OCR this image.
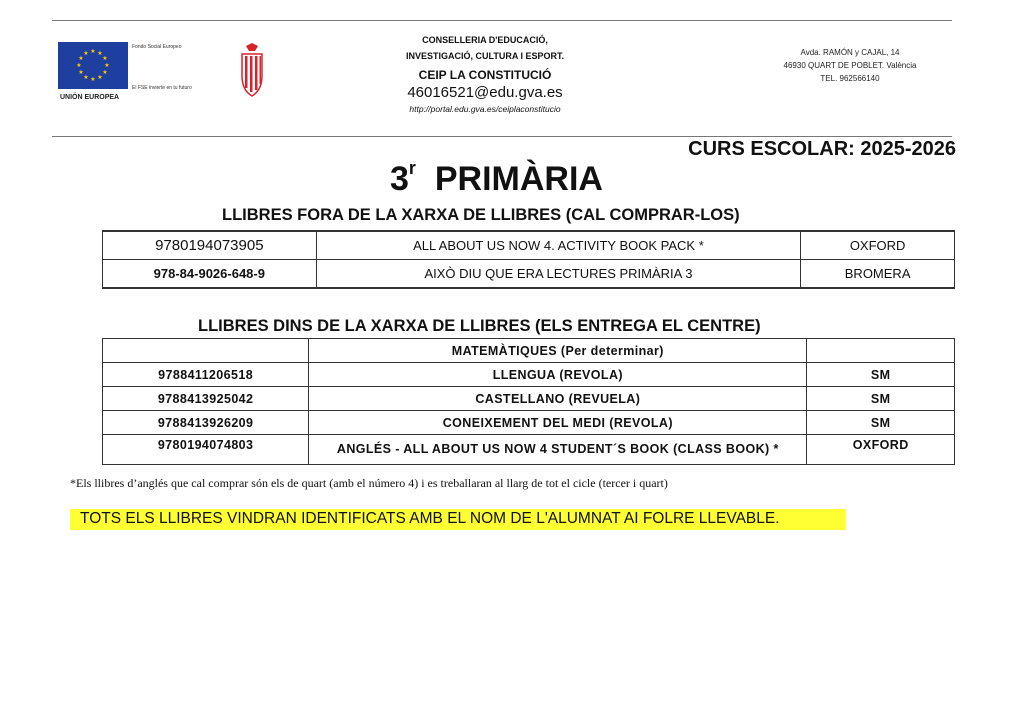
★ ★
★
★
★
★
★
★
★
★
★
★
Fondo Social Europeo
El FSE invierte en tu futuro
UNIÓN EUROPEA
CONSELLERIA D'EDUCACIÓ,
INVESTIGACIÓ, CULTURA I ESPORT.
CEIP LA CONSTITUCIÓ
46016521@edu.gva.es
http://portal.edu.gva.es/ceiplaconstitucio
Avda. RAMÓN y CAJAL, 14
46930 QUART DE POBLET. València
TEL. 962566140
CURS ESCOLAR: 2025-2026
3$^r$ PRIMÀRIA
LLIBRES FORA DE LA XARXA DE LLIBRES (CAL COMPRAR-LOS)
9780194073905	ALL ABOUT US NOW 4. ACTIVITY BOOK PACK *	OXFORD
978-84-9026-648-9	AIXÒ DIU QUE ERA LECTURES PRIMÀRIA 3	BROMERA
LLIBRES DINS DE LA XARXA DE LLIBRES (ELS ENTREGA EL CENTRE)
	MATEMÀTIQUES (Per determinar)	
9788411206518	LLENGUA (REVOLA)	SM
9788413925042	CASTELLANO (REVUELA)	SM
9788413926209	CONEIXEMENT DEL MEDI (REVOLA)	SM
9780194074803	ANGLÉS - ALL ABOUT US NOW 4 STUDENT´S BOOK (CLASS BOOK) *	OXFORD
*Els llibres d’anglés que cal comprar són els de quart (amb el número 4) i es treballaran al llarg de tot el cicle (tercer i quart)
TOTS ELS LLIBRES VINDRAN IDENTIFICATS AMB EL NOM DE L'ALUMNAT AI FOLRE LLEVABLE.
